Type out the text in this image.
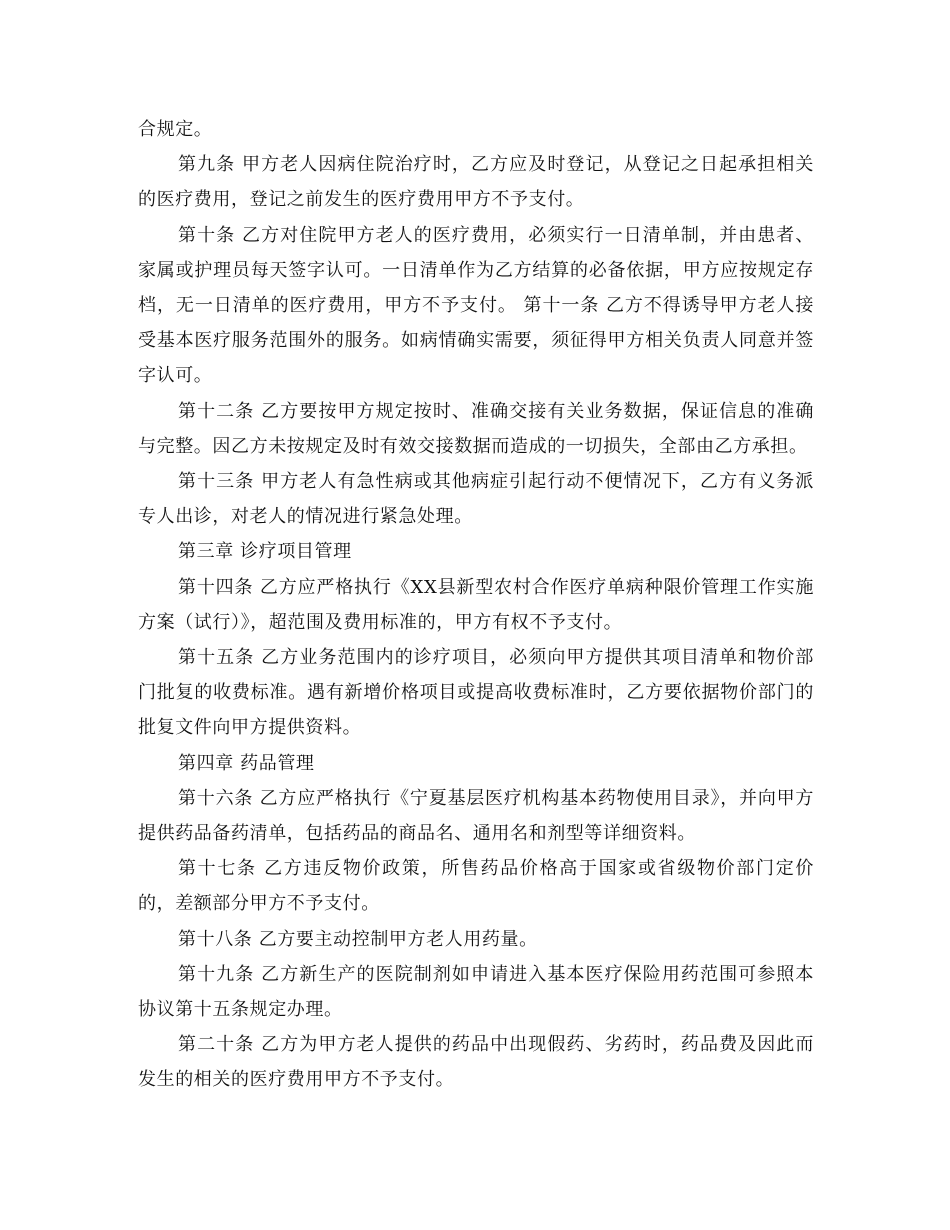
合规定。

第九条 甲方老人因病住院治疗时，乙方应及时登记，从登记之日起承担相关的医疗费用，登记之前发生的医疗费用甲方不予支付。

第十条 乙方对住院甲方老人的医疗费用，必须实行一日清单制，并由患者、家属或护理员每天签字认可。一日清单作为乙方结算的必备依据，甲方应按规定存档，无一日清单的医疗费用，甲方不予支付。 第十一条 乙方不得诱导甲方老人接受基本医疗服务范围外的服务。如病情确实需要，须征得甲方相关负责人同意并签字认可。

第十二条 乙方要按甲方规定按时、准确交接有关业务数据，保证信息的准确与完整。因乙方未按规定及时有效交接数据而造成的一切损失，全部由乙方承担。

第十三条 甲方老人有急性病或其他病症引起行动不便情况下，乙方有义务派专人出诊，对老人的情况进行紧急处理。

第三章 诊疗项目管理

第十四条 乙方应严格执行《XX县新型农村合作医疗单病种限价管理工作实施方案（试行）》，超范围及费用标准的，甲方有权不予支付。

第十五条 乙方业务范围内的诊疗项目，必须向甲方提供其项目清单和物价部门批复的收费标准。遇有新增价格项目或提高收费标准时，乙方要依据物价部门的批复文件向甲方提供资料。

第四章 药品管理

第十六条 乙方应严格执行《宁夏基层医疗机构基本药物使用目录》，并向甲方提供药品备药清单，包括药品的商品名、通用名和剂型等详细资料。

第十七条 乙方违反物价政策，所售药品价格高于国家或省级物价部门定价的，差额部分甲方不予支付。

第十八条 乙方要主动控制甲方老人用药量。

第十九条 乙方新生产的医院制剂如申请进入基本医疗保险用药范围可参照本协议第十五条规定办理。

第二十条 乙方为甲方老人提供的药品中出现假药、劣药时，药品费及因此而发生的相关的医疗费用甲方不予支付。
